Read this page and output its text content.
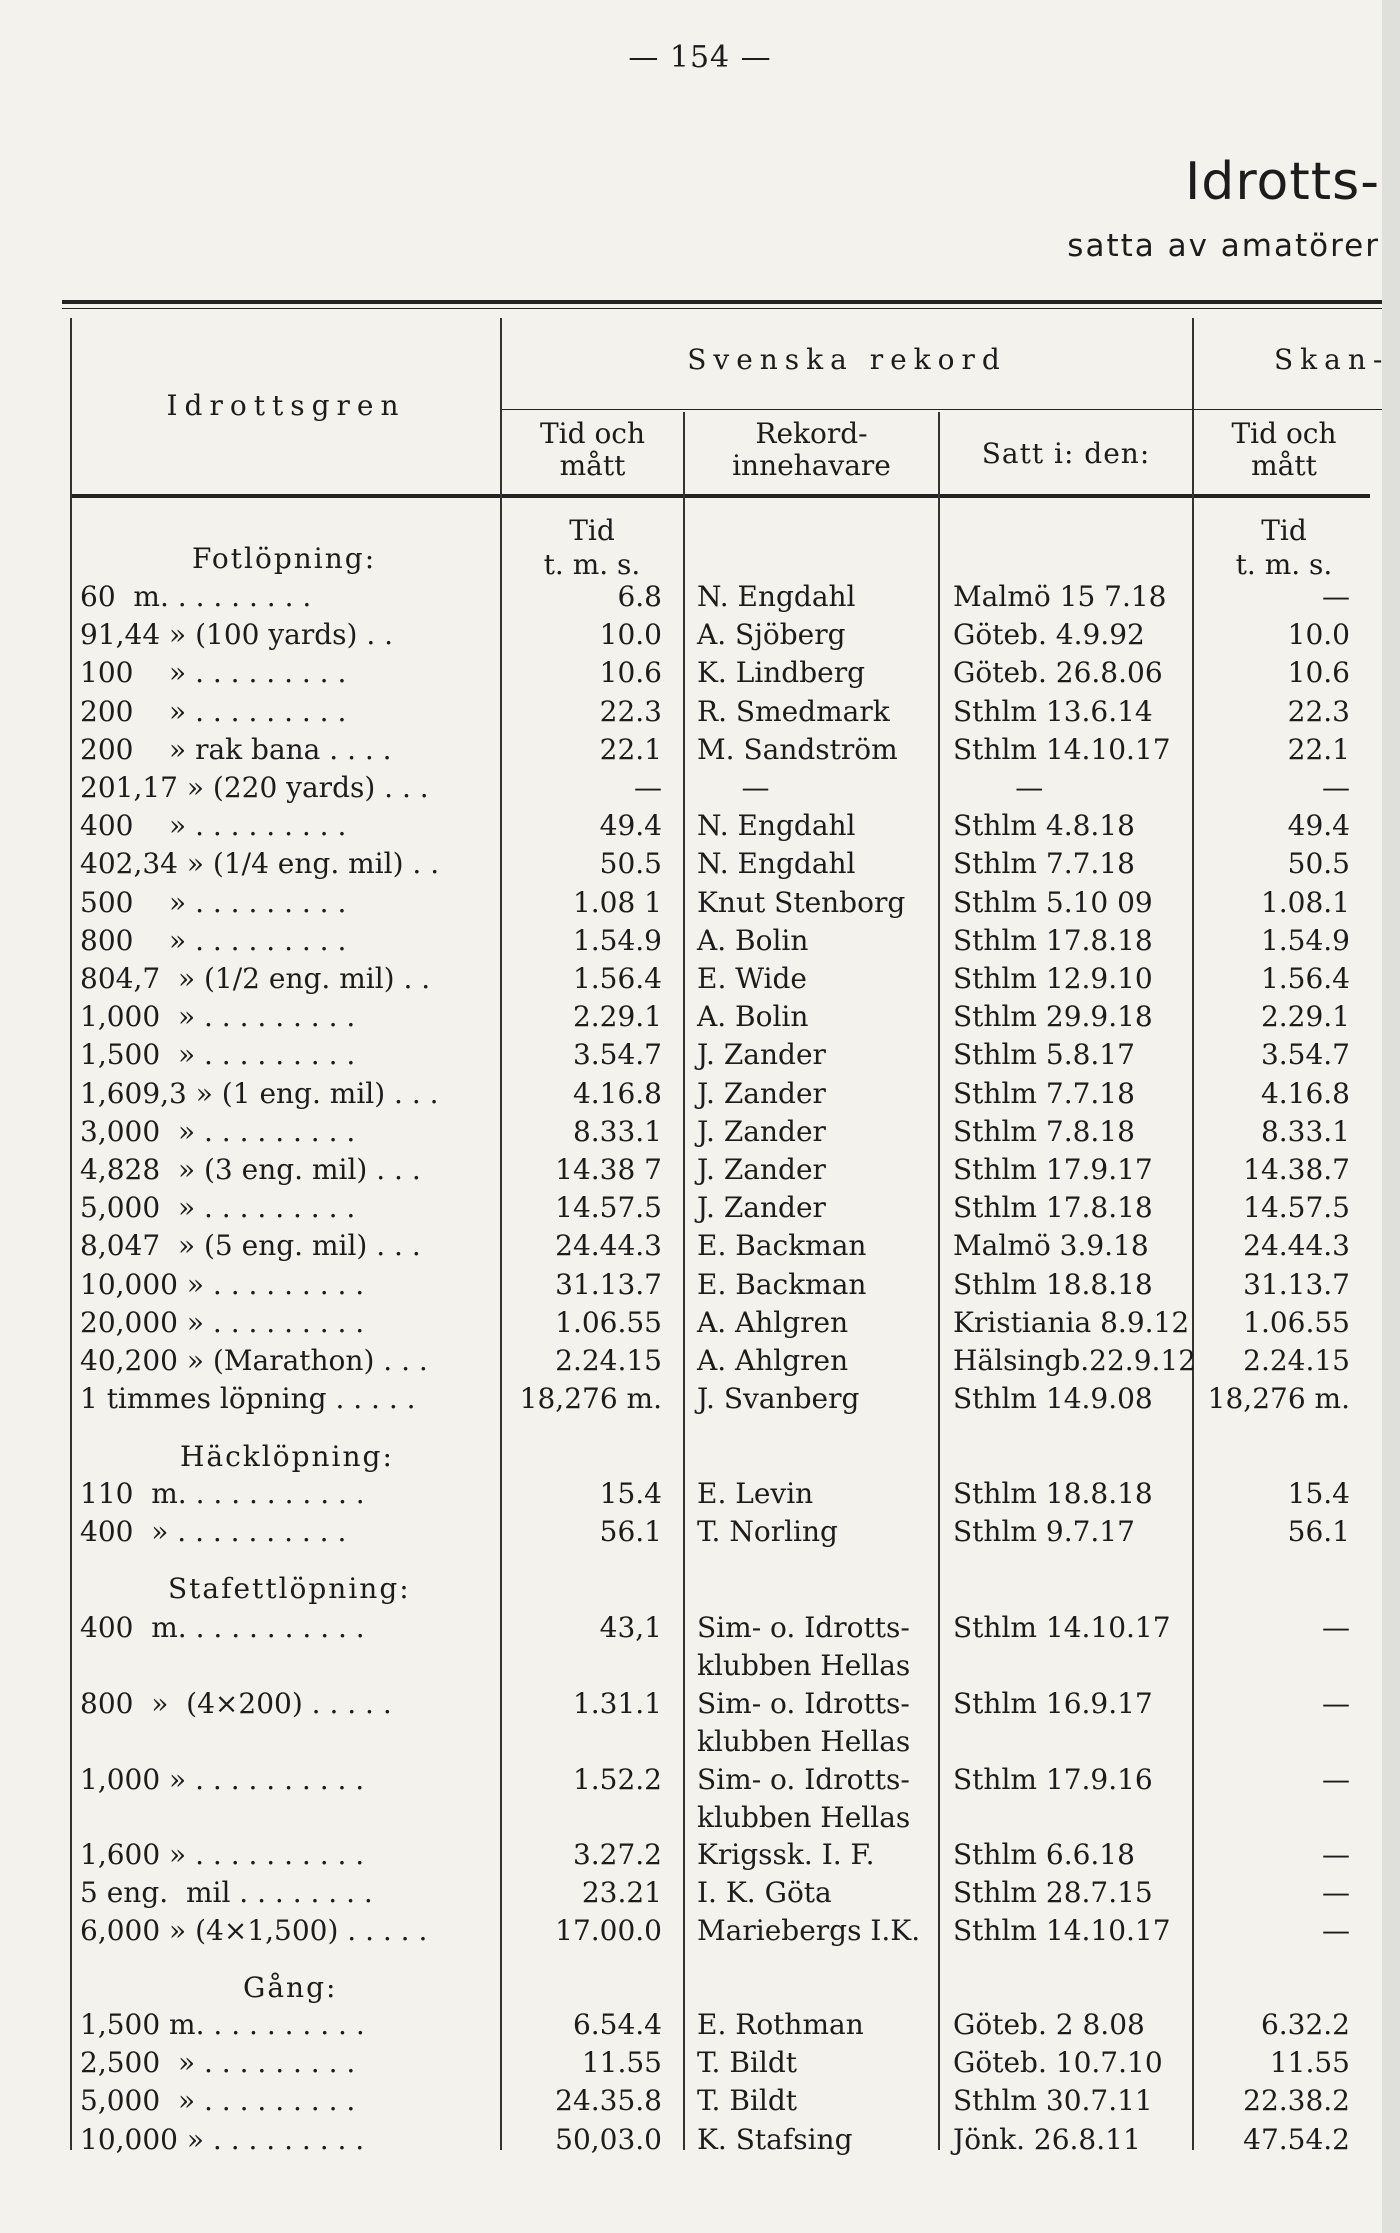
— 154 —
Idrotts-
satta av amatörer
Idrottsgren
Svenska rekord	Skan-
Tid och
mått
Rekord-
innehavare	Satt i: den:
Tid och
mått
Tid
t. m. s.
Tid
t. m. s.
Fotlöpning:
Häcklöpning:
Stafettlöpning:
Gång:
60  m. . . . . . . . .	6.8 N. Engdahl	Malmö 15 7.18	—
91,44 » (100 yards) . .	10.0 A. Sjöberg	Göteb. 4.9.92	10.0
100    » . . . . . . . . .	10.6 K. Lindberg	Göteb. 26.8.06	10.6
200    » . . . . . . . . .	22.3 R. Smedmark Sthlm 13.6.14	22.3
200    » rak bana . . . .	22.1 M. Sandström Sthlm 14.10.17	22.1
201,17 » (220 yards) . . .	— —	—	—
400    » . . . . . . . . .	49.4 N. Engdahl	Sthlm 4.8.18	49.4
402,34 » (1/4 eng. mil) . .	50.5 N. Engdahl	Sthlm 7.7.18	50.5
500    » . . . . . . . . .	1.08 1 Knut Stenborg Sthlm 5.10 09	1.08.1
800    » . . . . . . . . .	1.54.9 A. Bolin	Sthlm 17.8.18	1.54.9
804,7  » (1/2 eng. mil) . .	1.56.4 E. Wide	Sthlm 12.9.10	1.56.4
1,000  » . . . . . . . . .	2.29.1 A. Bolin	Sthlm 29.9.18	2.29.1
1,500  » . . . . . . . . .	3.54.7 J. Zander	Sthlm 5.8.17	3.54.7
1,609,3 » (1 eng. mil) . . .	4.16.8 J. Zander	Sthlm 7.7.18	4.16.8
3,000  » . . . . . . . . .	8.33.1 J. Zander	Sthlm 7.8.18	8.33.1
4,828  » (3 eng. mil) . . .	14.38 7 J. Zander	Sthlm 17.9.17	14.38.7
5,000  » . . . . . . . . .	14.57.5 J. Zander	Sthlm 17.8.18	14.57.5
8,047  » (5 eng. mil) . . .	24.44.3 E. Backman	Malmö 3.9.18	24.44.3
10,000 » . . . . . . . . .	31.13.7 E. Backman	Sthlm 18.8.18	31.13.7
20,000 » . . . . . . . . .	1.06.55 A. Ahlgren	Kristiania 8.9.12 1.06.55
40,200 » (Marathon) . . .	2.24.15 A. Ahlgren	Hälsingb.22.9.12 2.24.15
1 timmes löpning . . . . .	18,276 m. J. Svanberg	Sthlm 14.9.08 18,276 m.
110  m. . . . . . . . . . .	15.4 E. Levin	Sthlm 18.8.18	15.4
400  » . . . . . . . . . .	56.1 T. Norling	Sthlm 9.7.17	56.1
400  m. . . . . . . . . . .	43,1 Sim- o. Idrotts- Sthlm 14.10.17	—
klubben Hellas
800  »  (4×200) . . . . .	1.31.1 Sim- o. Idrotts- Sthlm 16.9.17	—
klubben Hellas
1,000 » . . . . . . . . . .	1.52.2 Sim- o. Idrotts- Sthlm 17.9.16	—
klubben Hellas
1,600 » . . . . . . . . . .	3.27.2 Krigssk. I. F.	Sthlm 6.6.18	—
5 eng.  mil . . . . . . . .	23.21 I. K. Göta	Sthlm 28.7.15	—
6,000 » (4×1,500) . . . . .	17.00.0 Mariebergs I.K. Sthlm 14.10.17	—
1,500 m. . . . . . . . . .	6.54.4 E. Rothman	Göteb. 2 8.08	6.32.2
2,500  » . . . . . . . . .	11.55 T. Bildt	Göteb. 10.7.10	11.55
5,000  » . . . . . . . . .	24.35.8 T. Bildt	Sthlm 30.7.11	22.38.2
10,000 » . . . . . . . . .	50,03.0 K. Stafsing	Jönk. 26.8.11	47.54.2
